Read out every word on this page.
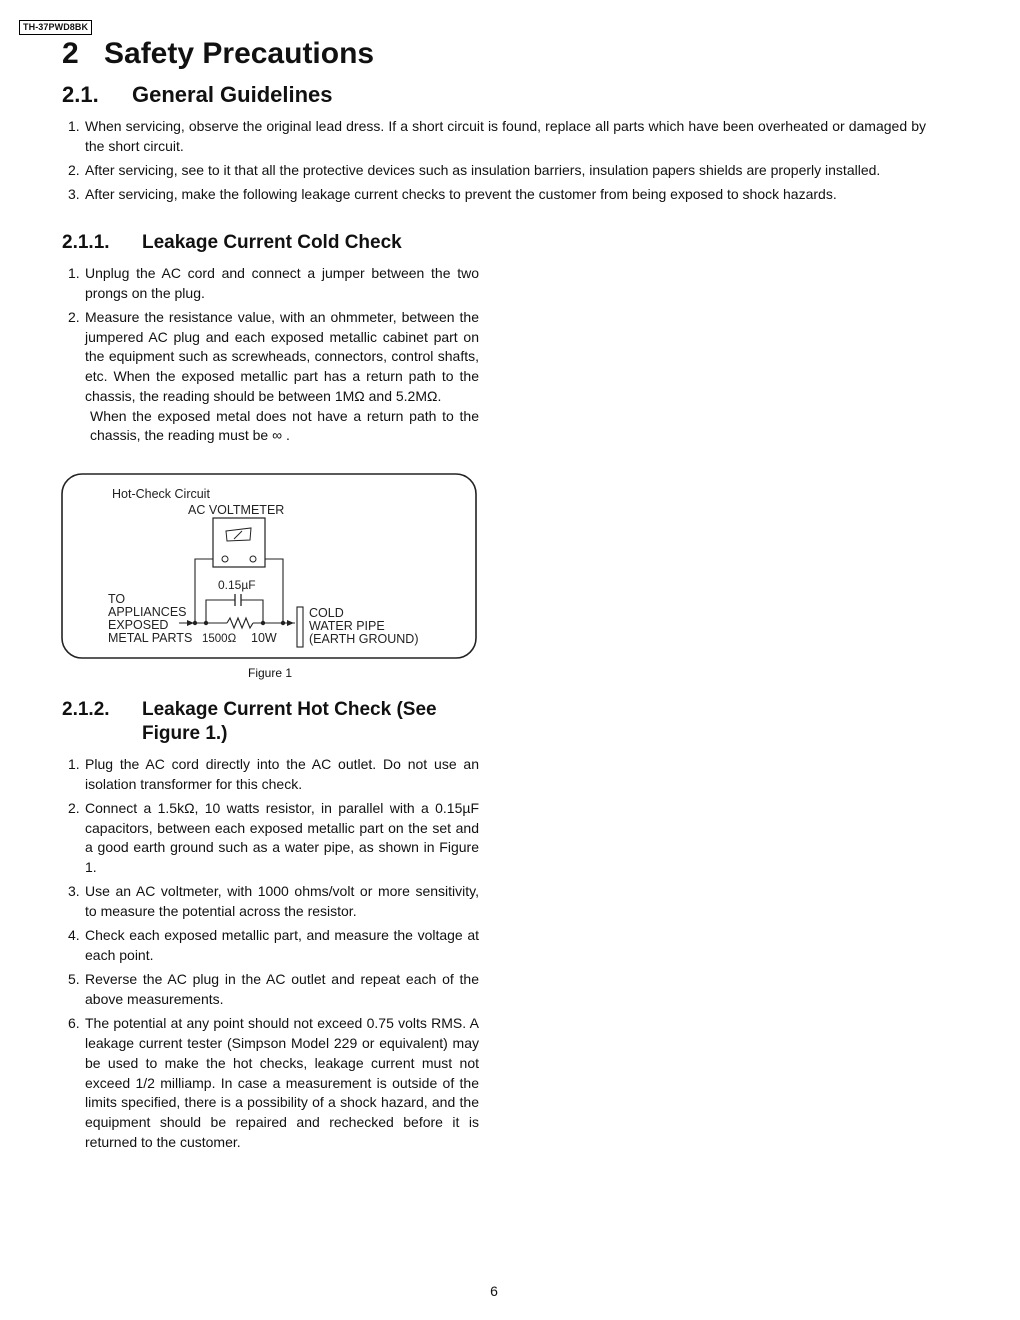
TH-37PWD8BK
2 Safety Precautions
2.1. General Guidelines
1. When servicing, observe the original lead dress. If a short circuit is found, replace all parts which have been overheated or damaged by the short circuit.
2. After servicing, see to it that all the protective devices such as insulation barriers, insulation papers shields are properly installed.
3. After servicing, make the following leakage current checks to prevent the customer from being exposed to shock hazards.
2.1.1. Leakage Current Cold Check
1. Unplug the AC cord and connect a jumper between the two prongs on the plug.
2. Measure the resistance value, with an ohmmeter, between the jumpered AC plug and each exposed metallic cabinet part on the equipment such as screwheads, connectors, control shafts, etc. When the exposed metallic part has a return path to the chassis, the reading should be between 1MΩ and 5.2MΩ.
When the exposed metal does not have a return path to the chassis, the reading must be ∞ .
Hot-Check Circuit
AC VOLTMETER
0.15µF
TO
APPLIANCES
EXPOSED
METAL PARTS 1500Ω 10W
COLD
WATER PIPE
(EARTH GROUND)
Figure 1
2.1.2. Leakage Current Hot Check (See Figure 1.)
1. Plug the AC cord directly into the AC outlet. Do not use an isolation transformer for this check.
2. Connect a 1.5kΩ, 10 watts resistor, in parallel with a 0.15µF capacitors, between each exposed metallic part on the set and a good earth ground such as a water pipe, as shown in Figure 1.
3. Use an AC voltmeter, with 1000 ohms/volt or more sensitivity, to measure the potential across the resistor.
4. Check each exposed metallic part, and measure the voltage at each point.
5. Reverse the AC plug in the AC outlet and repeat each of the above measurements.
6. The potential at any point should not exceed 0.75 volts RMS. A leakage current tester (Simpson Model 229 or equivalent) may be used to make the hot checks, leakage current must not exceed 1/2 milliamp. In case a measurement is outside of the limits specified, there is a possibility of a shock hazard, and the equipment should be repaired and rechecked before it is returned to the customer.
6
